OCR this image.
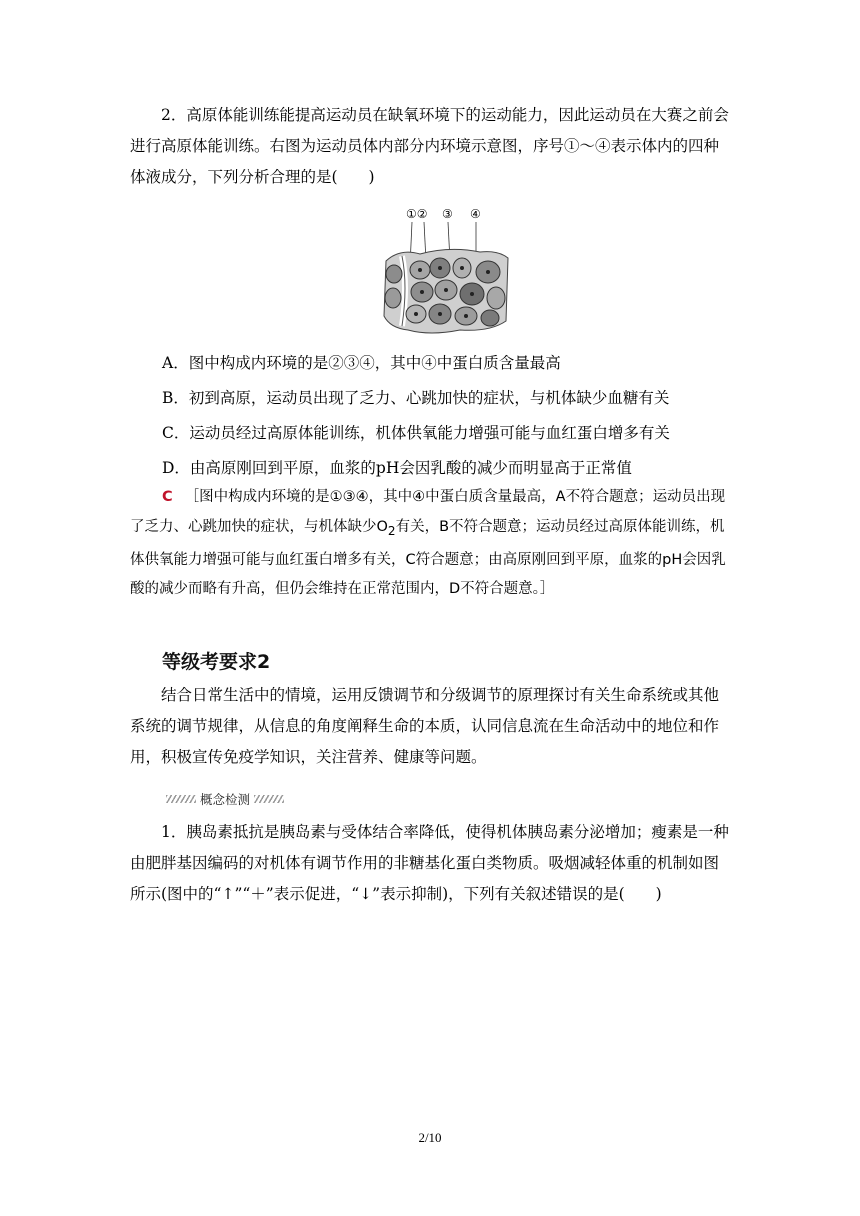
2．高原体能训练能提高运动员在缺氧环境下的运动能力，因此运动员在大赛之前会进行高原体能训练。右图为运动员体内部分内环境示意图，序号①～④表示体内的四种体液成分，下列分析合理的是(　　)

①② ③ ④
A．图中构成内环境的是②③④，其中④中蛋白质含量最高
B．初到高原，运动员出现了乏力、心跳加快的症状，与机体缺少血糖有关
C．运动员经过高原体能训练，机体供氧能力增强可能与血红蛋白增多有关
D．由高原刚回到平原，血浆的pH会因乳酸的减少而明显高于正常值

C ［图中构成内环境的是①③④，其中④中蛋白质含量最高，A不符合题意；运动员出现了乏力、心跳加快的症状，与机体缺少$O_2$有关，B不符合题意；运动员经过高原体能训练，机体供氧能力增强可能与血红蛋白增多有关，C符合题意；由高原刚回到平原，血浆的pH会因乳酸的减少而略有升高，但仍会维持在正常范围内，D不符合题意。］

等级考要求2

结合日常生活中的情境，运用反馈调节和分级调节的原理探讨有关生命系统或其他系统的调节规律，从信息的角度阐释生命的本质，认同信息流在生命活动中的地位和作用，积极宣传免疫学知识，关注营养、健康等问题。

概念检测

1．胰岛素抵抗是胰岛素与受体结合率降低，使得机体胰岛素分泌增加；瘦素是一种由肥胖基因编码的对机体有调节作用的非糖基化蛋白类物质。吸烟减轻体重的机制如图所示(图中的“↑”“＋”表示促进，“↓”表示抑制)，下列有关叙述错误的是(　　)

2/10
